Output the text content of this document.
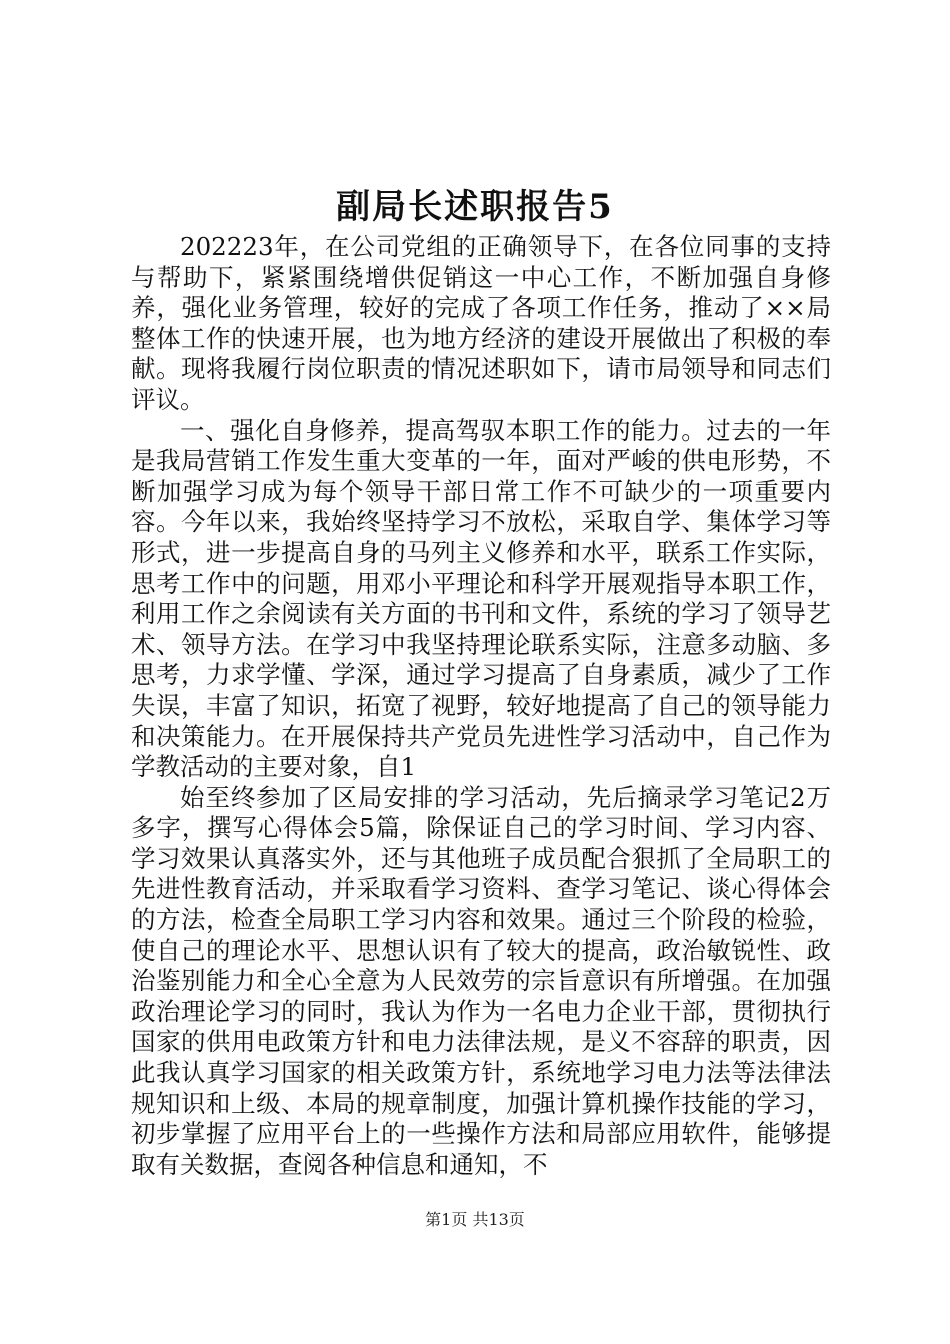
副局长述职报告5

202223年，在公司党组的正确领导下，在各位同事的支持与帮助下，紧紧围绕增供促销这一中心工作，不断加强自身修养，强化业务管理，较好的完成了各项工作任务，推动了××局整体工作的快速开展，也为地方经济的建设开展做出了积极的奉献。现将我履行岗位职责的情况述职如下，请市局领导和同志们评议。

一、强化自身修养，提高驾驭本职工作的能力。过去的一年是我局营销工作发生重大变革的一年，面对严峻的供电形势，不断加强学习成为每个领导干部日常工作不可缺少的一项重要内容。今年以来，我始终坚持学习不放松，采取自学、集体学习等形式，进一步提高自身的马列主义修养和水平，联系工作实际，思考工作中的问题，用邓小平理论和科学开展观指导本职工作，利用工作之余阅读有关方面的书刊和文件，系统的学习了领导艺术、领导方法。在学习中我坚持理论联系实际，注意多动脑、多思考，力求学懂、学深，通过学习提高了自身素质，减少了工作失误，丰富了知识，拓宽了视野，较好地提高了自己的领导能力和决策能力。在开展保持共产党员先进性学习活动中，自己作为学教活动的主要对象，自1

始至终参加了区局安排的学习活动，先后摘录学习笔记2万多字，撰写心得体会5篇，除保证自己的学习时间、学习内容、学习效果认真落实外，还与其他班子成员配合狠抓了全局职工的先进性教育活动，并采取看学习资料、查学习笔记、谈心得体会的方法，检查全局职工学习内容和效果。通过三个阶段的检验，使自己的理论水平、思想认识有了较大的提高，政治敏锐性、政治鉴别能力和全心全意为人民效劳的宗旨意识有所增强。在加强政治理论学习的同时，我认为作为一名电力企业干部，贯彻执行国家的供用电政策方针和电力法律法规，是义不容辞的职责，因此我认真学习国家的相关政策方针，系统地学习电力法等法律法规知识和上级、本局的规章制度，加强计算机操作技能的学习，初步掌握了应用平台上的一些操作方法和局部应用软件，能够提取有关数据，查阅各种信息和通知，不

第1页 共13页
